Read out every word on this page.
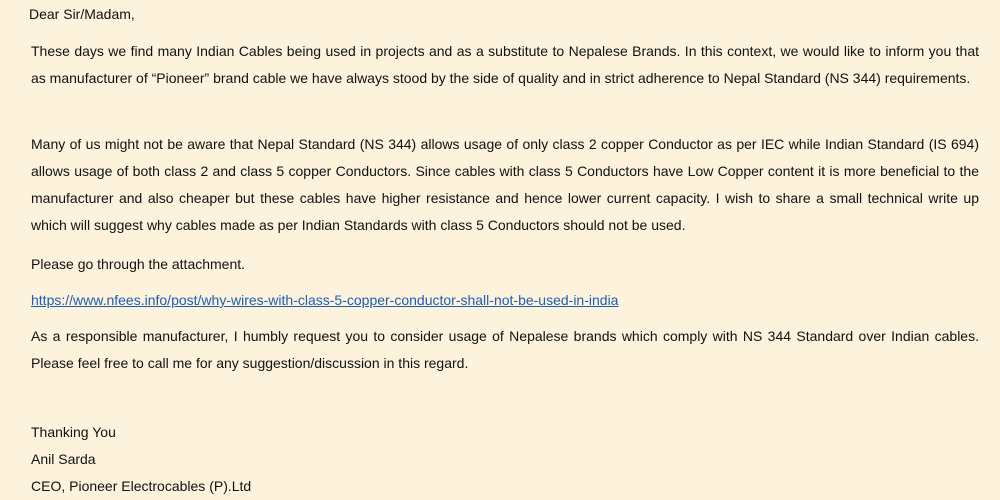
Dear Sir/Madam,

These days we find many Indian Cables being used in projects and as a substitute to Nepalese Brands. In this context, we would like to inform you that as manufacturer of “Pioneer” brand cable we have always stood by the side of quality and in strict adherence to Nepal Standard (NS 344) requirements.

Many of us might not be aware that Nepal Standard (NS 344) allows usage of only class 2 copper Conductor as per IEC while Indian Standard (IS 694) allows usage of both class 2 and class 5 copper Conductors. Since cables with class 5 Conductors have Low Copper content it is more beneficial to the manufacturer and also cheaper but these cables have higher resistance and hence lower current capacity. I wish to share a small technical write up which will suggest why cables made as per Indian Standards with class 5 Conductors should not be used.

Please go through the attachment.

https://www.nfees.info/post/why-wires-with-class-5-copper-conductor-shall-not-be-used-in-india

As a responsible manufacturer, I humbly request you to consider usage of Nepalese brands which comply with NS 344 Standard over Indian cables. Please feel free to call me for any suggestion/discussion in this regard.

Thanking You

Anil Sarda

CEO, Pioneer Electrocables (P).Ltd
